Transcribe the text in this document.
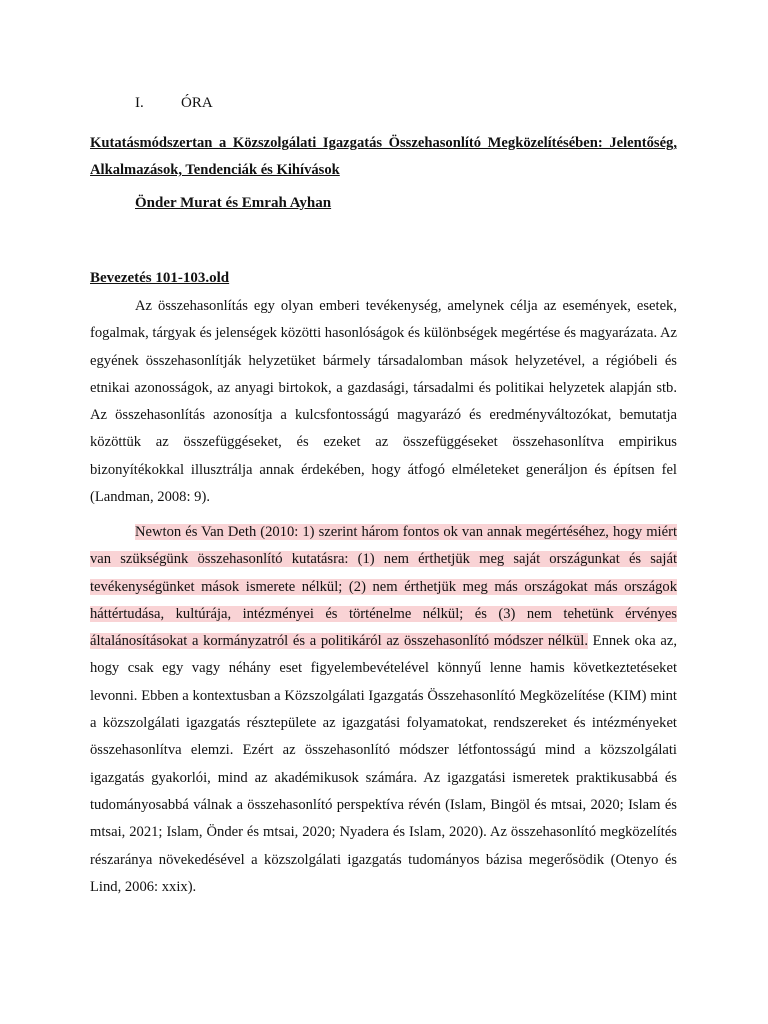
I. ÓRA
Kutatásmódszertan a Közszolgálati Igazgatás Összehasonlító Megközelítésében: Jelentőség, Alkalmazások, Tendenciák és Kihívások
Önder Murat és Emrah Ayhan
Bevezetés 101-103.old

Az összehasonlítás egy olyan emberi tevékenység, amelynek célja az események, esetek, fogalmak, tárgyak és jelenségek közötti hasonlóságok és különbségek megértése és magyarázata. Az egyének összehasonlítják helyzetüket bármely társadalomban mások helyzetével, a régióbeli és etnikai azonosságok, az anyagi birtokok, a gazdasági, társadalmi és politikai helyzetek alapján stb. Az összehasonlítás azonosítja a kulcsfontosságú magyarázó és eredményváltozókat, bemutatja közöttük az összefüggéseket, és ezeket az összefüggéseket összehasonlítva empirikus bizonyítékokkal illusztrálja annak érdekében, hogy átfogó elméleteket generáljon és építsen fel (Landman, 2008: 9).

Newton és Van Deth (2010: 1) szerint három fontos ok van annak megértéséhez, hogy miért van szükségünk összehasonlító kutatásra: (1) nem érthetjük meg saját országunkat és saját tevékenységünket mások ismerete nélkül; (2) nem érthetjük meg más országokat más országok háttértudása, kultúrája, intézményei és történelme nélkül; és (3) nem tehetünk érvényes általánosításokat a kormányzatról és a politikáról az összehasonlító módszer nélkül. Ennek oka az, hogy csak egy vagy néhány eset figyelembevételével könnyű lenne hamis következtetéseket levonni. Ebben a kontextusban a Közszolgálati Igazgatás Összehasonlító Megközelítése (KIM) mint a közszolgálati igazgatás résztерülete az igazgatási folyamatokat, rendszereket és intézményeket összehasonlítva elemzi. Ezért az összehasonlító módszer létfontosságú mind a közszolgálati igazgatás gyakorlói, mind az akadémikusok számára. Az igazgatási ismeretek praktikusabbá és tudományosabbá válnak a összehasonlító perspektíva révén (Islam, Bingöl és mtsai, 2020; Islam és mtsai, 2021; Islam, Önder és mtsai, 2020; Nyadera és Islam, 2020). Az összehasonlító megközelítés részaránya növekedésével a közszolgálati igazgatás tudományos bázisa megerősödik (Otenyo és Lind, 2006: xxix).
